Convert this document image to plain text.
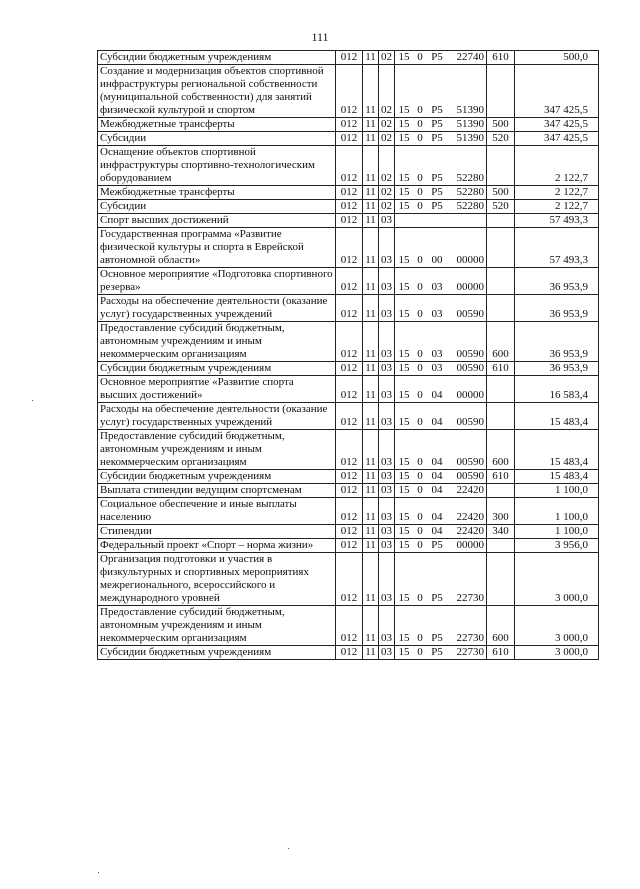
111
Субсидии бюджетным учреждениям	012	11	02	15 0 P5 22740	610	500,0
Создание и модернизация объектов спортивной инфраструктуры региональной собственности (муниципальной собственности) для занятий физической культурой и спортом	012	11	02	15 0 P5 51390		347 425,5
Межбюджетные трансферты	012	11	02	15 0 P5 51390	500	347 425,5
Субсидии	012	11	02	15 0 P5 51390	520	347 425,5
Оснащение объектов спортивной инфраструктуры спортивно-технологическим оборудованием	012	11	02	15 0 P5 52280		2 122,7
Межбюджетные трансферты	012	11	02	15 0 P5 52280	500	2 122,7
Субсидии	012	11	02	15 0 P5 52280	520	2 122,7
Спорт высших достижений	012	11	03			57 493,3
Государственная программа «Развитие физической культуры и спорта в Еврейской автономной области»	012	11	03	15 0 00 00000		57 493,3
Основное мероприятие «Подготовка спортивного резерва»	012	11	03	15 0 03 00000		36 953,9
Расходы на обеспечение деятельности (оказание услуг) государственных учреждений	012	11	03	15 0 03 00590		36 953,9
Предоставление субсидий бюджетным, автономным учреждениям и иным некоммерческим организациям	012	11	03	15 0 03 00590	600	36 953,9
Субсидии бюджетным учреждениям	012	11	03	15 0 03 00590	610	36 953,9
Основное мероприятие «Развитие спорта высших достижений»	012	11	03	15 0 04 00000		16 583,4
Расходы на обеспечение деятельности (оказание услуг) государственных учреждений	012	11	03	15 0 04 00590		15 483,4
Предоставление субсидий бюджетным, автономным учреждениям и иным некоммерческим организациям	012	11	03	15 0 04 00590	600	15 483,4
Субсидии бюджетным учреждениям	012	11	03	15 0 04 00590	610	15 483,4
Выплата стипендии ведущим спортсменам	012	11	03	15 0 04 22420		1 100,0
Социальное обеспечение и иные выплаты населению	012	11	03	15 0 04 22420	300	1 100,0
Стипендии	012	11	03	15 0 04 22420	340	1 100,0
Федеральный проект «Спорт – норма жизни»	012	11	03	15 0 P5 00000		3 956,0
Организация подготовки и участия в физкультурных и спортивных мероприятиях межрегионального, всероссийского и международного уровней	012	11	03	15 0 P5 22730		3 000,0
Предоставление субсидий бюджетным, автономным учреждениям и иным некоммерческим организациям	012	11	03	15 0 P5 22730	600	3 000,0
Субсидии бюджетным учреждениям	012	11	03	15 0 P5 22730	610	3 000,0
